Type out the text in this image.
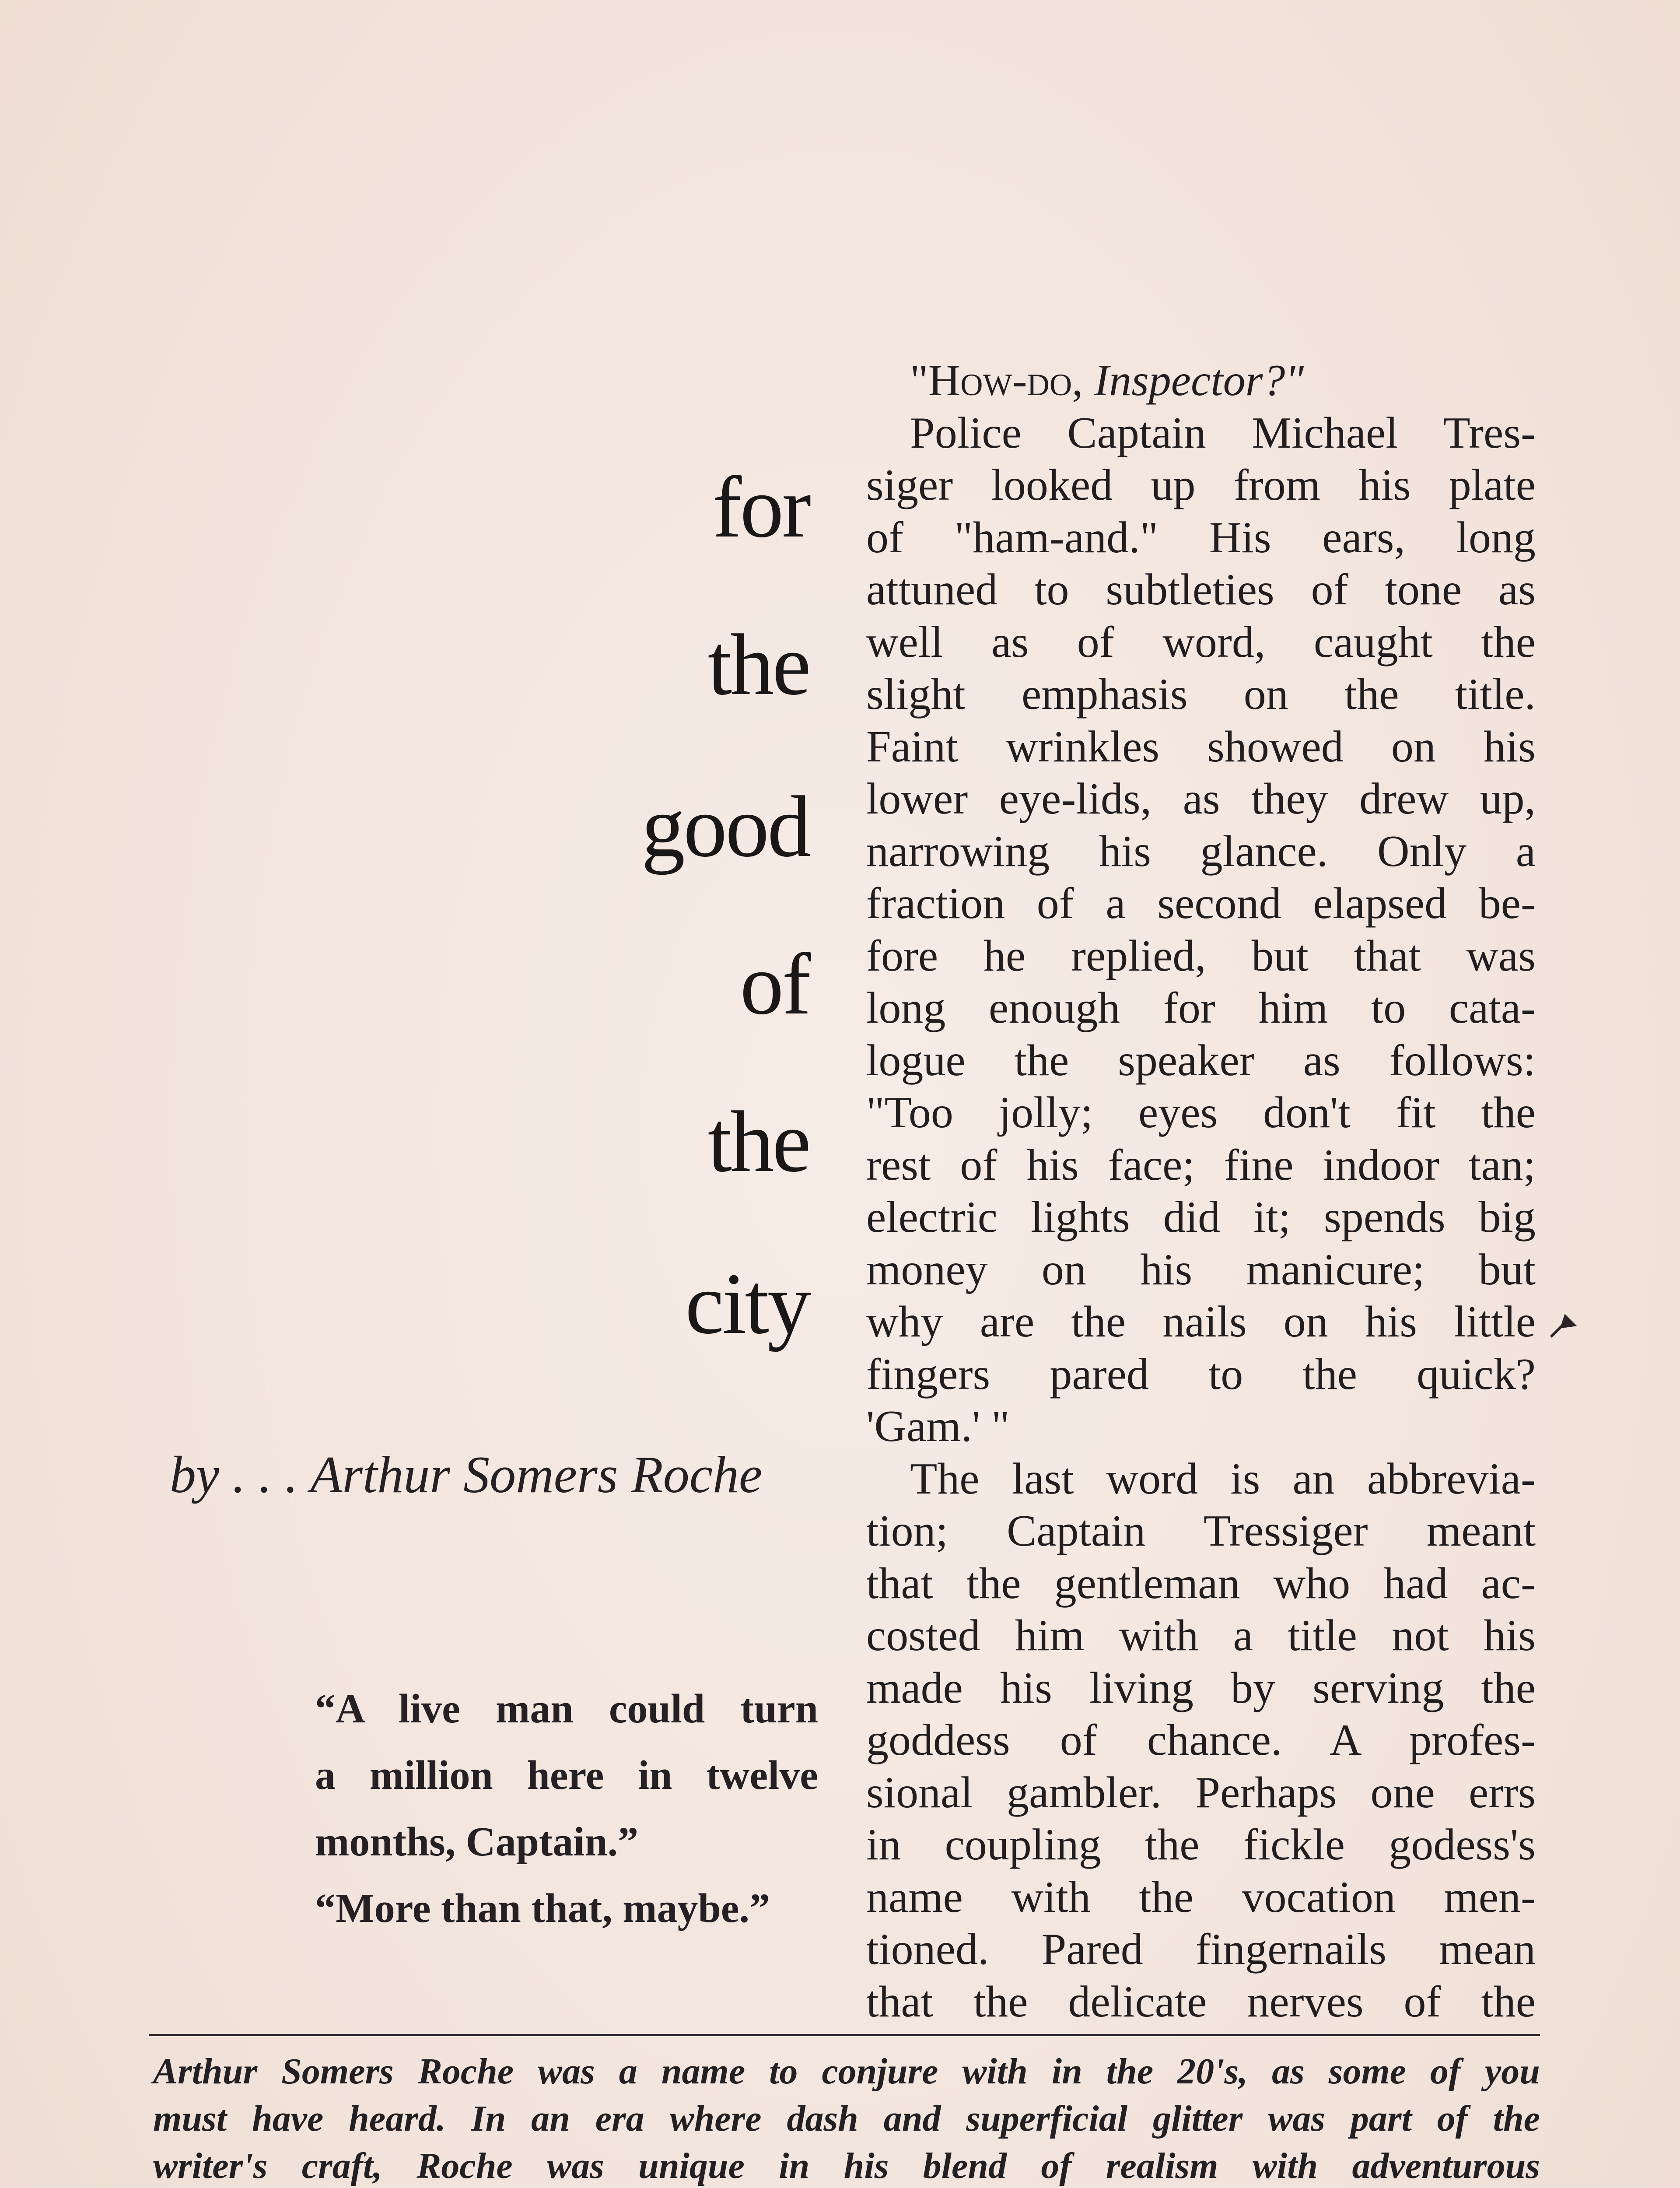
for
the
good
of
the
city
by . . . Arthur Somers Roche
“A live man could turn
a million here in twelve
months, Captain.”
“More than that, maybe.”
"How-do, Inspector?"
Police Captain Michael Tres-
siger looked up from his plate
of "ham-and." His ears, long
attuned to subtleties of tone as
well as of word, caught the
slight emphasis on the title.
Faint wrinkles showed on his
lower eye-lids, as they drew up,
narrowing his glance. Only a
fraction of a second elapsed be-
fore he replied, but that was
long enough for him to cata-
logue the speaker as follows:
"Too jolly; eyes don't fit the
rest of his face; fine indoor tan;
electric lights did it; spends big
money on his manicure; but
why are the nails on his little
fingers pared to the quick?
'Gam.' "
The last word is an abbrevia-
tion; Captain Tressiger meant
that the gentleman who had ac-
costed him with a title not his
made his living by serving the
goddess of chance. A profes-
sional gambler. Perhaps one errs
in coupling the fickle godess's
name with the vocation men-
tioned. Pared fingernails mean
that the delicate nerves of the
Arthur Somers Roche was a name to conjure with in the 20's, as some of you
must have heard. In an era where dash and superficial glitter was part of the
writer's craft, Roche was unique in his blend of realism with adventurous
